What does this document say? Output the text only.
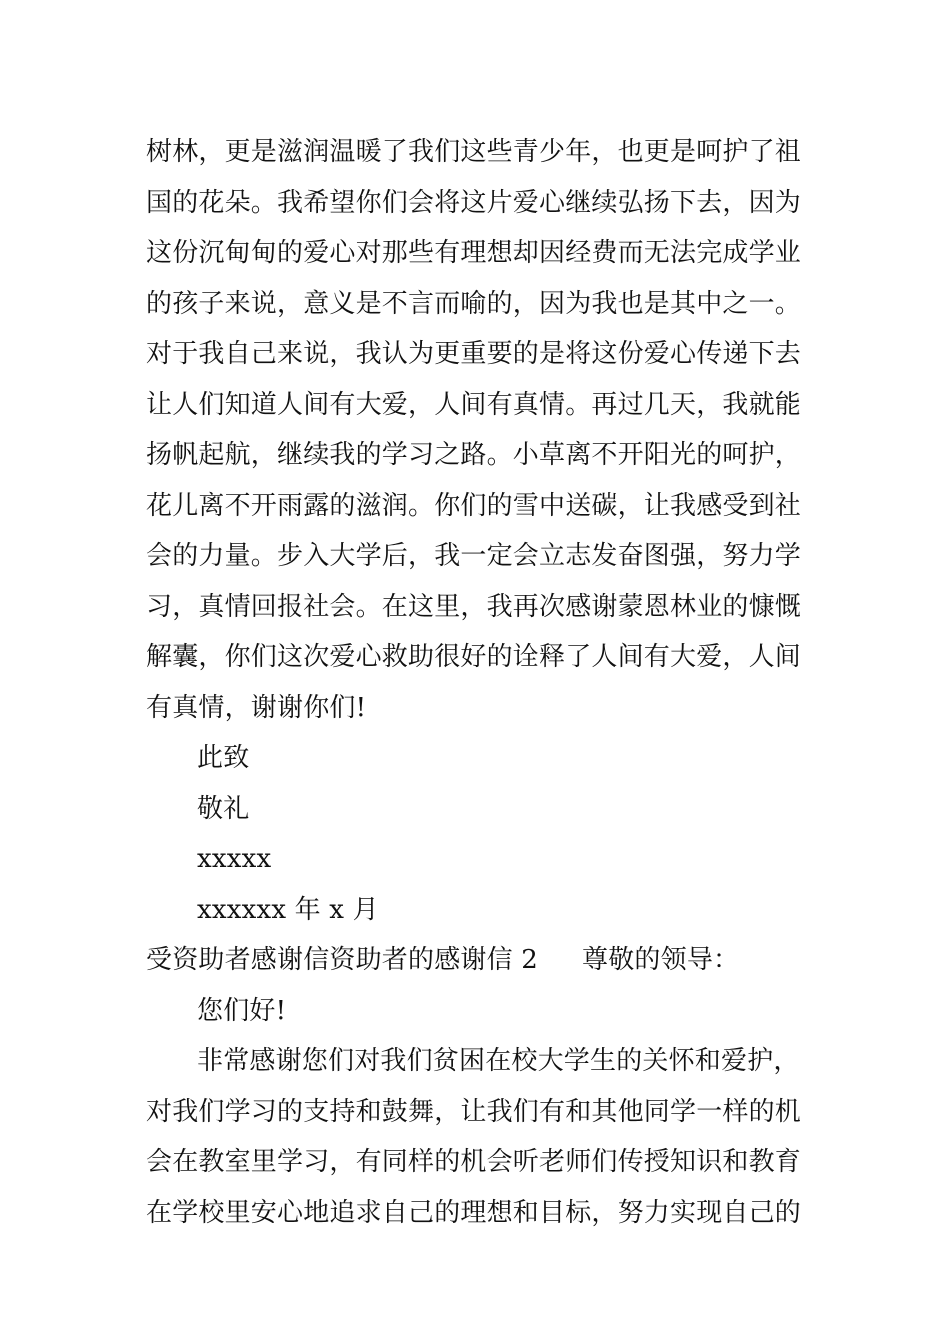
树林，更是滋润温暖了我们这些青少年，也更是呵护了祖
国的花朵。我希望你们会将这片爱心继续弘扬下去，因为
这份沉甸甸的爱心对那些有理想却因经费而无法完成学业
的孩子来说，意义是不言而喻的，因为我也是其中之一。
对于我自己来说，我认为更重要的是将这份爱心传递下去
让人们知道人间有大爱，人间有真情。再过几天，我就能
扬帆起航，继续我的学习之路。小草离不开阳光的呵护，
花儿离不开雨露的滋润。你们的雪中送碳，让我感受到社
会的力量。步入大学后，我一定会立志发奋图强，努力学
习，真情回报社会。在这里，我再次感谢蒙恩林业的慷慨
解囊，你们这次爱心救助很好的诠释了人间有大爱，人间
有真情，谢谢你们!
此致
敬礼
xxxxx
xxxxxx 年 x 月
受资助者感谢信资助者的感谢信 2 尊敬的领导：
您们好!
非常感谢您们对我们贫困在校大学生的关怀和爱护，
对我们学习的支持和鼓舞，让我们有和其他同学一样的机
会在教室里学习，有同样的机会听老师们传授知识和教育
在学校里安心地追求自己的理想和目标，努力实现自己的
